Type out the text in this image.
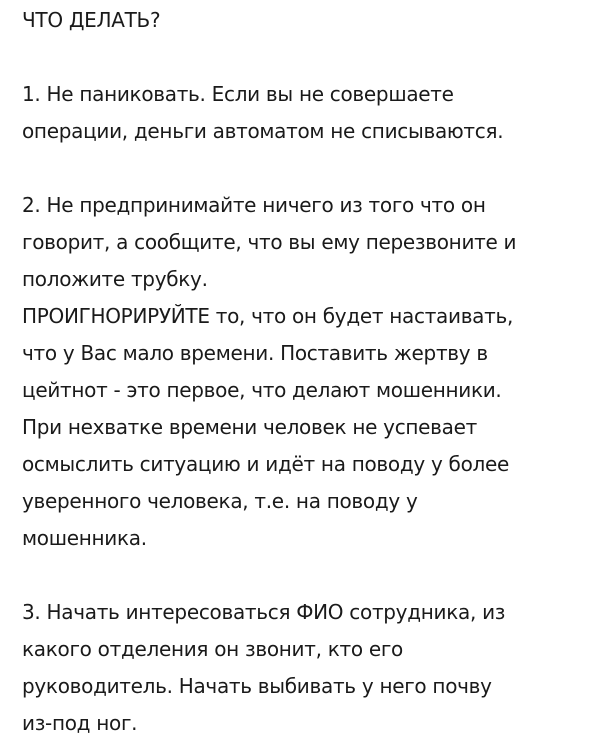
ЧТО ДЕЛАТЬ?
1. Не паниковать. Если вы не совершаете
операции, деньги автоматом не списываются.
2. Не предпринимайте ничего из того что он
говорит, а сообщите, что вы ему перезвоните и
положите трубку.
ПРОИГНОРИРУЙТЕ то, что он будет настаивать,
что у Вас мало времени. Поставить жертву в
цейтнот - это первое, что делают мошенники.
При нехватке времени человек не успевает
осмыслить ситуацию и идёт на поводу у более
уверенного человека, т.е. на поводу у
мошенника.
3. Начать интересоваться ФИО сотрудника, из
какого отделения он звонит, кто его
руководитель. Начать выбивать у него почву
из-под ног.
